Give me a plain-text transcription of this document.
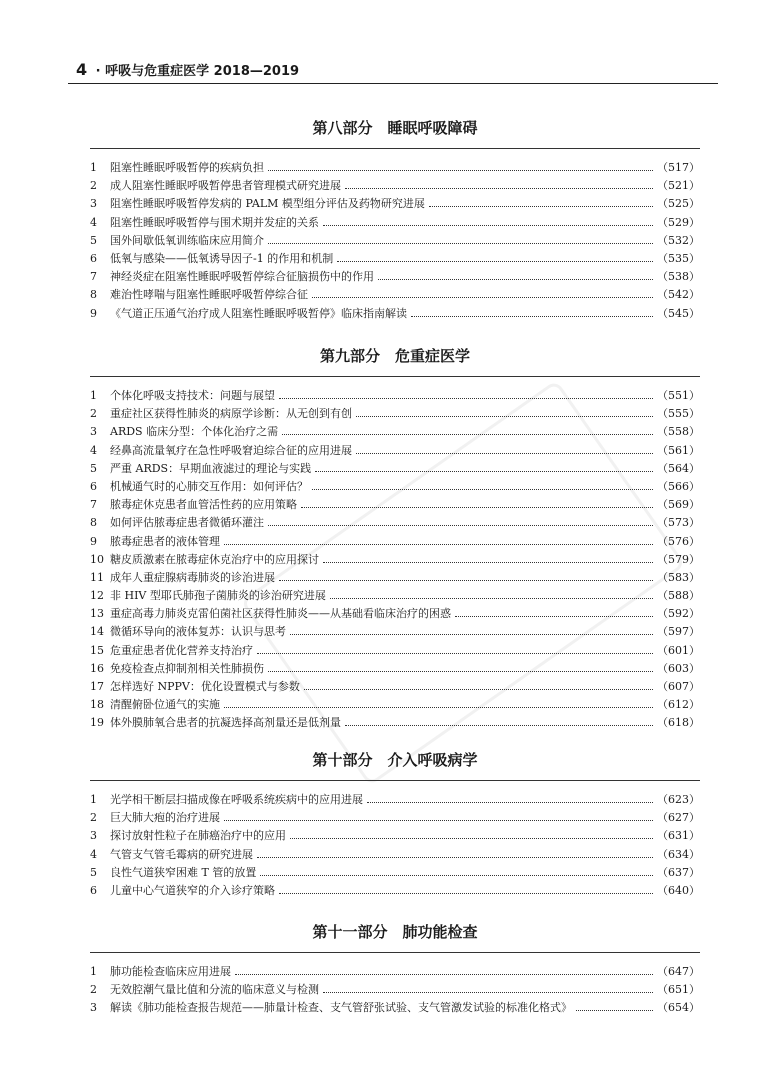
4 · 呼吸与危重症医学 2018—2019
第八部分　睡眠呼吸障碍
1	阻塞性睡眠呼吸暂停的疾病负担	（517）
2	成人阻塞性睡眠呼吸暂停患者管理模式研究进展	（521）
3	阻塞性睡眠呼吸暂停发病的 PALM 模型组分评估及药物研究进展	（525）
4	阻塞性睡眠呼吸暂停与围术期并发症的关系	（529）
5	国外间歇低氧训练临床应用简介	（532）
6	低氧与感染——低氧诱导因子-1 的作用和机制	（535）
7	神经炎症在阻塞性睡眠呼吸暂停综合征脑损伤中的作用	（538）
8	难治性哮喘与阻塞性睡眠呼吸暂停综合征	（542）
9	《气道正压通气治疗成人阻塞性睡眠呼吸暂停》临床指南解读	（545）
第九部分　危重症医学
1	个体化呼吸支持技术：问题与展望	（551）
2	重症社区获得性肺炎的病原学诊断：从无创到有创	（555）
3	ARDS 临床分型：个体化治疗之需	（558）
4	经鼻高流量氧疗在急性呼吸窘迫综合征的应用进展	（561）
5	严重 ARDS：早期血液滤过的理论与实践	（564）
6	机械通气时的心肺交互作用：如何评估？	（566）
7	脓毒症休克患者血管活性药的应用策略	（569）
8	如何评估脓毒症患者微循环灌注	（573）
9	脓毒症患者的液体管理	（576）
10 糖皮质激素在脓毒症休克治疗中的应用探讨	（579）
11 成年人重症腺病毒肺炎的诊治进展	（583）
12 非 HIV 型耶氏肺孢子菌肺炎的诊治研究进展	（588）
13 重症高毒力肺炎克雷伯菌社区获得性肺炎——从基础看临床治疗的困惑	（592）
14 微循环导向的液体复苏：认识与思考	（597）
15 危重症患者优化营养支持治疗	（601）
16 免疫检查点抑制剂相关性肺损伤	（603）
17 怎样选好 NPPV：优化设置模式与参数	（607）
18 清醒俯卧位通气的实施	（612）
19 体外膜肺氧合患者的抗凝选择高剂量还是低剂量	（618）
第十部分　介入呼吸病学
1	光学相干断层扫描成像在呼吸系统疾病中的应用进展	（623）
2	巨大肺大疱的治疗进展	（627）
3	探讨放射性粒子在肺癌治疗中的应用	（631）
4	气管支气管毛霉病的研究进展	（634）
5	良性气道狭窄困难 T 管的放置	（637）
6	儿童中心气道狭窄的介入诊疗策略	（640）
第十一部分　肺功能检查
1	肺功能检查临床应用进展	（647）
2	无效腔潮气量比值和分流的临床意义与检测	（651）
3	解读《肺功能检查报告规范——肺量计检查、支气管舒张试验、支气管激发试验的标准化格式》	（654）
